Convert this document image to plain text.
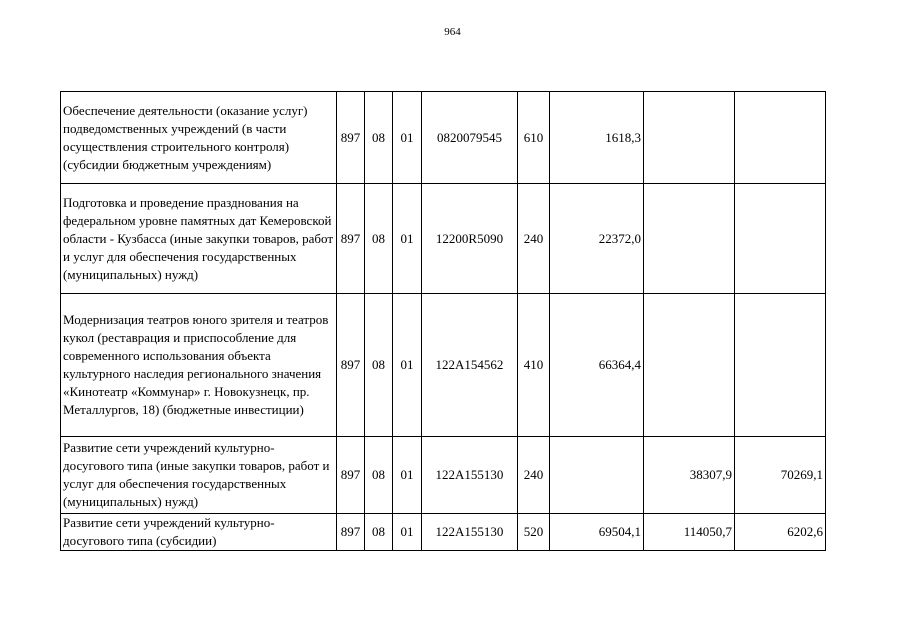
964
Обеспечение деятельности (оказание услуг) подведомственных учреждений (в части осуществления строительного контроля) (субсидии бюджетным учреждениям)	897	08	01	0820079545	610	1618,3		
Подготовка и проведение празднования на федеральном уровне памятных дат Кемеровской области - Кузбасса (иные закупки товаров, работ и услуг для обеспечения государственных (муниципальных) нужд)	897	08	01	12200R5090	240	22372,0		
Модернизация театров юного зрителя и театров кукол (реставрация и приспособление для современного использования объекта культурного наследия регионального значения «Кинотеатр «Коммунар» г. Новокузнецк, пр. Металлургов, 18) (бюджетные инвестиции)	897	08	01	122A154562	410	66364,4		
Развитие сети учреждений культурно-досугового типа (иные закупки товаров, работ и услуг для обеспечения государственных (муниципальных) нужд)	897	08	01	122A155130	240		38307,9	70269,1
Развитие сети учреждений культурно-досугового типа (субсидии)	897	08	01	122A155130	520	69504,1	114050,7	6202,6
